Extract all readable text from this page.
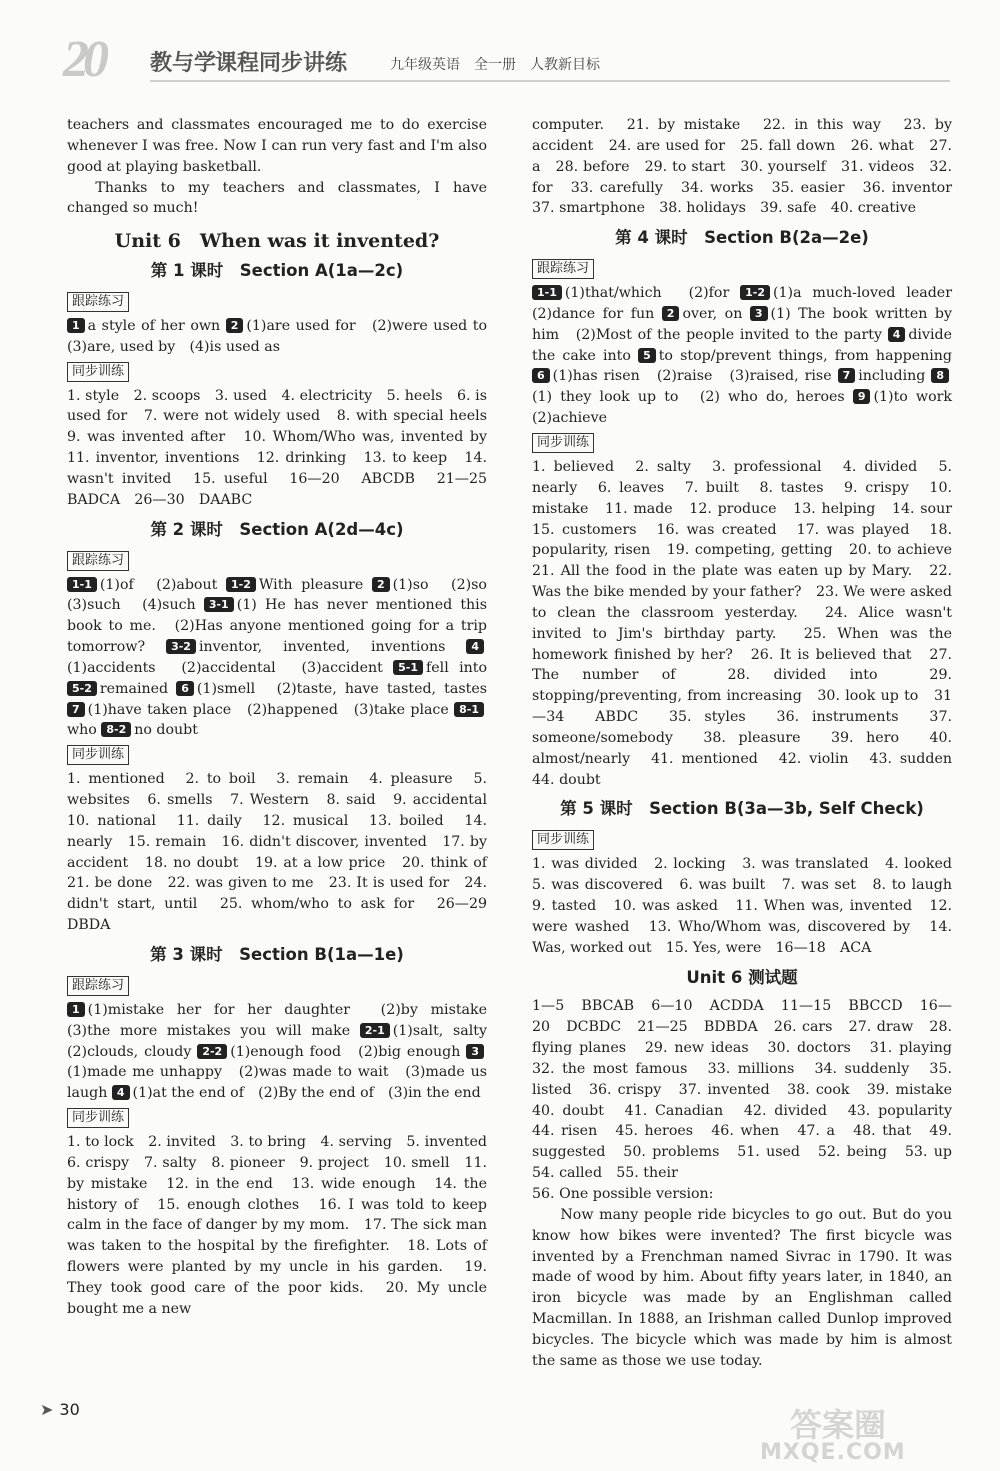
20 教与学
课程同步讲练	九年级英语　全一册　人教新目标

teachers and classmates encouraged me to do exercise whenever I was free. Now I can run very fast and I'm also good at playing basketball.

Thanks to my teachers and classmates, I have changed so much!

Unit 6　When was it invented?
第 1 课时　Section A(1a—2c)
跟踪练习

1 a style of her own 2 (1)are used for　(2)were used to　(3)are, used by　(4)is used as

同步训练

1. style　2. scoops　3. used　4. electricity　5. heels　6. is used for　7. were not widely used　8. with special heels　9. was invented after　10. Whom/Who was, invented by　11. inventor, inventions　12. drinking　13. to keep　14. wasn't invited　15. useful　16—20　ABCDB　21—25　BADCA　26—30　DAABC

第 2 课时　Section A(2d—4c)
跟踪练习

1-1 (1)of　(2)about 1-2 With pleasure 2 (1)so　(2)so　(3)such　(4)such 3-1 (1) He has never mentioned this book to me.　(2)Has anyone mentioned going for a trip tomorrow? 3-2 inventor, invented, inventions 4(1)accidents　(2)accidental　(3)accident 5-1 fell into 5-2 remained 6 (1)smell　(2)taste, have tasted, tastes 7 (1)have taken place　(2)happened　(3)take place 8-1who 8-2 no doubt

同步训练

1. mentioned　2. to boil　3. remain　4. pleasure　5. websites　6. smells　7. Western　8. said　9. accidental　10. national　11. daily　12. musical　13. boiled　14. nearly　15. remain　16. didn't discover, invented　17. by accident　18. no doubt　19. at a low price　20. think of　21. be done　22. was given to me　23. It is used for　24. didn't start, until　25. whom/who to ask for　26—29　DBDA

第 3 课时　Section B(1a—1e)
跟踪练习

1 (1)mistake her for her daughter　(2)by mistake　(3)the more mistakes you will make 2-1 (1)salt, salty　(2)clouds, cloudy 2-2 (1)enough food　(2)big enough 3(1)made me unhappy　(2)was made to wait　(3)made us laugh 4 (1)at the end of　(2)By the end of　(3)in the end

同步训练

1. to lock　2. invited　3. to bring　4. serving　5. invented　6. crispy　7. salty　8. pioneer　9. project　10. smell　11. by mistake　12. in the end　13. wide enough　14. the history of　15. enough clothes　16. I was told to keep calm in the face of danger by my mom.　17. The sick man was taken to the hospital by the firefighter.　18. Lots of flowers were planted by my uncle in his garden.　19. They took good care of the poor kids.　20. My uncle bought me a new

computer.　21. by mistake　22. in this way　23. by accident　24. are used for　25. fall down　26. what　27. a　28. before　29. to start　30. yourself　31. videos　32. for　33. carefully　34. works　35. easier　36. inventor　37. smartphone　38. holidays　39. safe　40. creative

第 4 课时　Section B(2a—2e)
跟踪练习

1-1 (1)that/which　(2)for 1-2 (1)a much-loved leader　(2)dance for fun 2 over, on 3 (1) The book written by him　(2)Most of the people invited to the party 4 divide the cake into 5 to stop/prevent things, from happening 6 (1)has risen　(2)raise　(3)raised, rise 7 including 8(1) they look up to　(2) who do, heroes 9 (1)to work　(2)achieve

同步训练

1. believed　2. salty　3. professional　4. divided　5. nearly　6. leaves　7. built　8. tastes　9. crispy　10. mistake　11. made　12. produce　13. helping　14. sour　15. customers　16. was created　17. was played　18. popularity, risen　19. competing, getting　20. to achieve　21. All the food in the plate was eaten up by Mary.　22. Was the bike mended by your father?　23. We were asked to clean the classroom yesterday.　24. Alice wasn't invited to Jim's birthday party.　25. When was the homework finished by her?　26. It is believed that　27. The number of　28. divided into　29. stopping/preventing, from increasing　30. look up to　31—34　ABDC　35. styles　36. instruments　37. someone/somebody　38. pleasure　39. hero　40. almost/nearly　41. mentioned　42. violin　43. sudden　44. doubt

第 5 课时　Section B(3a—3b, Self Check)
同步训练

1. was divided　2. locking　3. was translated　4. looked　5. was discovered　6. was built　7. was set　8. to laugh　9. tasted　10. was asked　11. When was, invented　12. were washed　13. Who/Whom was, discovered by　14. Was, worked out　15. Yes, were　16—18　ACA

Unit 6 测试题

1—5　BBCAB　6—10　ACDDA　11—15　BBCCD　16—20　DCBDC　21—25　BDBDA　26. cars　27. draw　28. flying planes　29. new ideas　30. doctors　31. playing　32. the most famous　33. millions　34. suddenly　35. listed　36. crispy　37. invented　38. cook　39. mistake　40. doubt　41. Canadian　42. divided　43. popularity　44. risen　45. heroes　46. when　47. a　48. that　49. suggested　50. problems　51. used　52. being　53. up　54. called　55. their

56. One possible version:

Now many people ride bicycles to go out. But do you know how bikes were invented? The first bicycle was invented by a Frenchman named Sivrac in 1790. It was made of wood by him. About fifty years later, in 1840, an iron bicycle was made by an Englishman called Macmillan. In 1888, an Irishman called Dunlop improved bicycles. The bicycle which was made by him is almost the same as those we use today.

➤ 30	答案圈
MXQE.COM
